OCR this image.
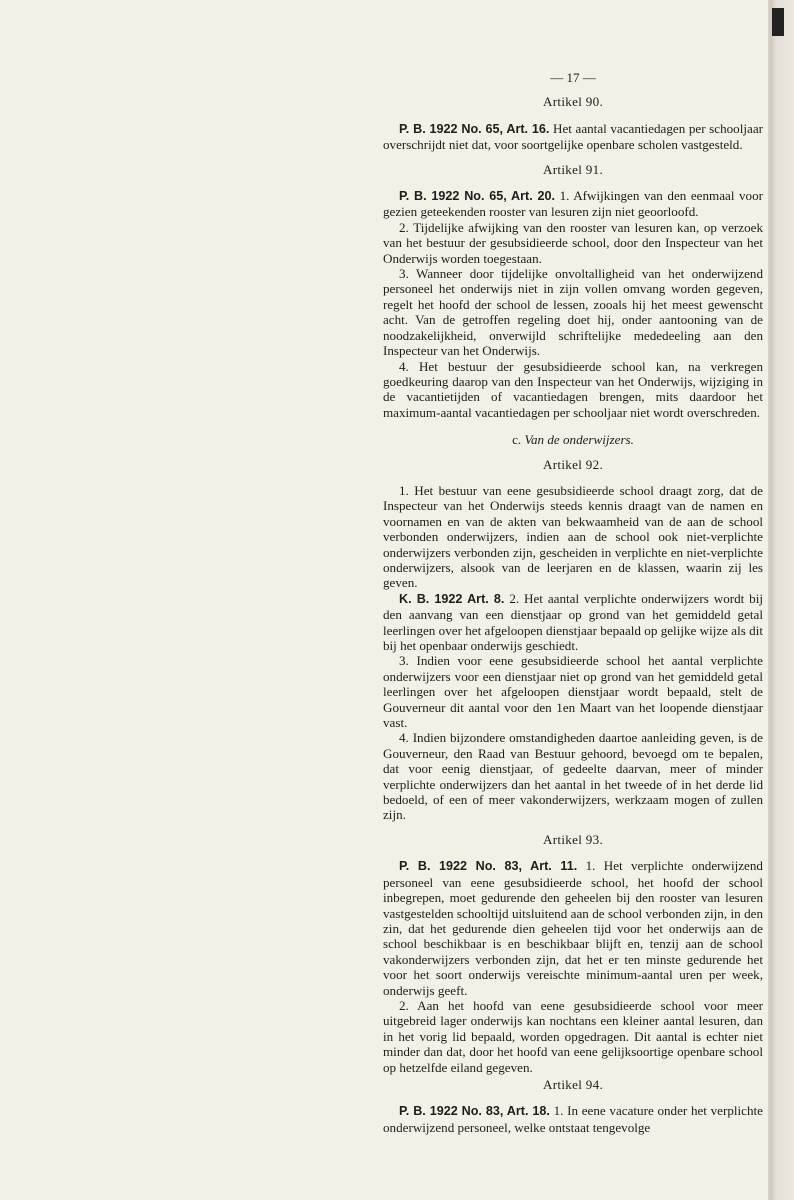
— 17 —
Artikel 90.

P. B. 1922 No. 65, Art. 16. Het aantal vacantiedagen per schooljaar overschrijdt niet dat, voor soortgelijke openbare scholen vastgesteld.

Artikel 91.

P. B. 1922 No. 65, Art. 20. 1. Afwijkingen van den eenmaal voor gezien geteekenden rooster van lesuren zijn niet geoorloofd.

2. Tijdelijke afwijking van den rooster van lesuren kan, op verzoek van het bestuur der gesubsidieerde school, door den Inspecteur van het Onderwijs worden toegestaan.

3. Wanneer door tijdelijke onvoltalligheid van het onderwijzend personeel het onderwijs niet in zijn vollen omvang worden gegeven, regelt het hoofd der school de lessen, zooals hij het meest gewenscht acht. Van de getroffen regeling doet hij, onder aantooning van de noodzakelijkheid, onverwijld schriftelijke mededeeling aan den Inspecteur van het Onderwijs.

4. Het bestuur der gesubsidieerde school kan, na verkregen goedkeuring daarop van den Inspecteur van het Onderwijs, wijziging in de vacantietijden of vacantiedagen brengen, mits daardoor het maximum-aantal vacantiedagen per schooljaar niet wordt overschreden.

c. Van de onderwijzers.
Artikel 92.

1. Het bestuur van eene gesubsidieerde school draagt zorg, dat de Inspecteur van het Onderwijs steeds kennis draagt van de namen en voornamen en van de akten van bekwaamheid van de aan de school verbonden onderwijzers, indien aan de school ook niet-verplichte onderwijzers verbonden zijn, gescheiden in verplichte en niet-verplichte onderwijzers, alsook van de leerjaren en de klassen, waarin zij les geven.

K. B. 1922 Art. 8. 2. Het aantal verplichte onderwijzers wordt bij den aanvang van een dienstjaar op grond van het gemiddeld getal leerlingen over het afgeloopen dienstjaar bepaald op gelijke wijze als dit bij het openbaar onderwijs geschiedt.

3. Indien voor eene gesubsidieerde school het aantal verplichte onderwijzers voor een dienstjaar niet op grond van het gemiddeld getal leerlingen over het afgeloopen dienstjaar wordt bepaald, stelt de Gouverneur dit aantal voor den 1en Maart van het loopende dienstjaar vast.

4. Indien bijzondere omstandigheden daartoe aanleiding geven, is de Gouverneur, den Raad van Bestuur gehoord, bevoegd om te bepalen, dat voor eenig dienstjaar, of gedeelte daarvan, meer of minder verplichte onderwijzers dan het aantal in het tweede of in het derde lid bedoeld, of een of meer vakonderwijzers, werkzaam mogen of zullen zijn.

Artikel 93.

P. B. 1922 No. 83, Art. 11. 1. Het verplichte onderwijzend personeel van eene gesubsidieerde school, het hoofd der school inbegrepen, moet gedurende den geheelen bij den rooster van lesuren vastgestelden schooltijd uitsluitend aan de school verbonden zijn, in den zin, dat het gedurende dien geheelen tijd voor het onderwijs aan de school beschikbaar is en beschikbaar blijft en, tenzij aan de school vakonderwijzers verbonden zijn, dat het er ten minste gedurende het voor het soort onderwijs vereischte minimum-aantal uren per week, onderwijs geeft.

2. Aan het hoofd van eene gesubsidieerde school voor meer uitgebreid lager onderwijs kan nochtans een kleiner aantal lesuren, dan in het vorig lid bepaald, worden opgedragen. Dit aantal is echter niet minder dan dat, door het hoofd van eene gelijksoortige openbare school op hetzelfde eiland gegeven.

Artikel 94.

P. B. 1922 No. 83, Art. 18. 1. In eene vacature onder het verplichte onderwijzend personeel, welke ontstaat tengevolge
